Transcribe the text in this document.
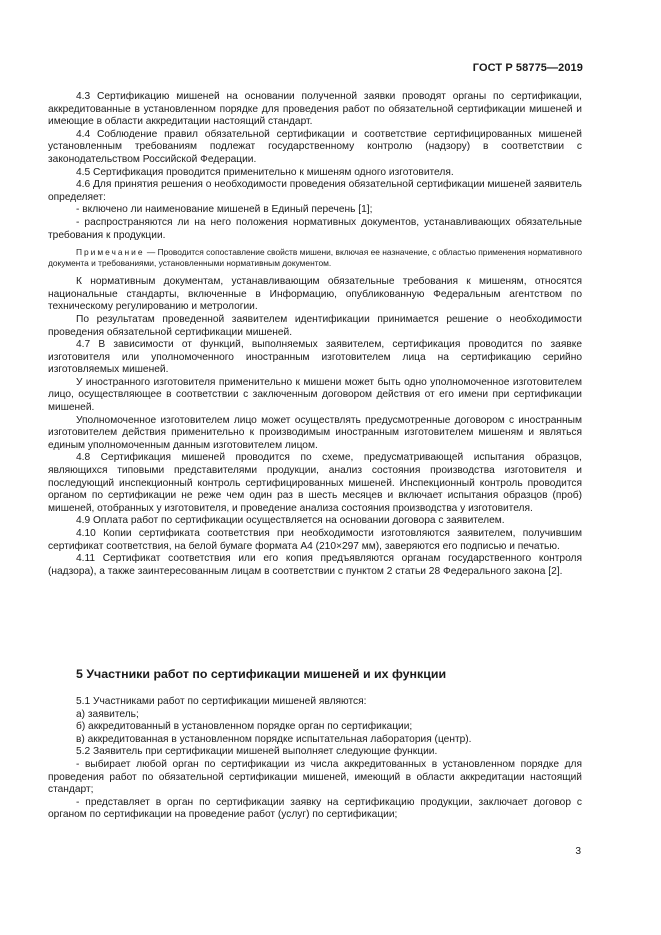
ГОСТ Р 58775—2019

4.3 Сертификацию мишеней на основании полученной заявки проводят органы по сертификации, аккредитованные в установленном порядке для проведения работ по обязательной сертификации мишеней и имеющие в области аккредитации настоящий стандарт.

4.4 Соблюдение правил обязательной сертификации и соответствие сертифицированных мишеней установленным требованиям подлежат государственному контролю (надзору) в соответствии с законодательством Российской Федерации.

4.5 Сертификация проводится применительно к мишеням одного изготовителя.

4.6 Для принятия решения о необходимости проведения обязательной сертификации мишеней заявитель определяет:

- включено ли наименование мишеней в Единый перечень [1];

- распространяются ли на него положения нормативных документов, устанавливающих обязательные требования к продукции.

Примечание — Проводится сопоставление свойств мишени, включая ее назначение, с областью применения нормативного документа и требованиями, установленными нормативным документом.

К нормативным документам, устанавливающим обязательные требования к мишеням, относятся национальные стандарты, включенные в Информацию, опубликованную Федеральным агентством по техническому регулированию и метрологии.

По результатам проведенной заявителем идентификации принимается решение о необходимости проведения обязательной сертификации мишеней.

4.7 В зависимости от функций, выполняемых заявителем, сертификация проводится по заявке изготовителя или уполномоченного иностранным изготовителем лица на сертификацию серийно изготовляемых мишеней.

У иностранного изготовителя применительно к мишени может быть одно уполномоченное изготовителем лицо, осуществляющее в соответствии с заключенным договором действия от его имени при сертификации мишеней.

Уполномоченное изготовителем лицо может осуществлять предусмотренные договором с иностранным изготовителем действия применительно к производимым иностранным изготовителем мишеням и являться единым уполномоченным данным изготовителем лицом.

4.8 Сертификация мишеней проводится по схеме, предусматривающей испытания образцов, являющихся типовыми представителями продукции, анализ состояния производства изготовителя и последующий инспекционный контроль сертифицированных мишеней. Инспекционный контроль проводится органом по сертификации не реже чем один раз в шесть месяцев и включает испытания образцов (проб) мишеней, отобранных у изготовителя, и проведение анализа состояния производства у изготовителя.

4.9 Оплата работ по сертификации осуществляется на основании договора с заявителем.

4.10 Копии сертификата соответствия при необходимости изготовляются заявителем, получившим сертификат соответствия, на белой бумаге формата А4 (210×297 мм), заверяются его подписью и печатью.

4.11 Сертификат соответствия или его копия предъявляются органам государственного контроля (надзора), а также заинтересованным лицам в соответствии с пунктом 2 статьи 28 Федерального закона [2].

5 Участники работ по сертификации мишеней и их функции

5.1 Участниками работ по сертификации мишеней являются:

а) заявитель;

б) аккредитованный в установленном порядке орган по сертификации;

в) аккредитованная в установленном порядке испытательная лаборатория (центр).

5.2 Заявитель при сертификации мишеней выполняет следующие функции.

- выбирает любой орган по сертификации из числа аккредитованных в установленном порядке для проведения работ по обязательной сертификации мишеней, имеющий в области аккредитации настоящий стандарт;

- представляет в орган по сертификации заявку на сертификацию продукции, заключает договор с органом по сертификации на проведение работ (услуг) по сертификации;

3
